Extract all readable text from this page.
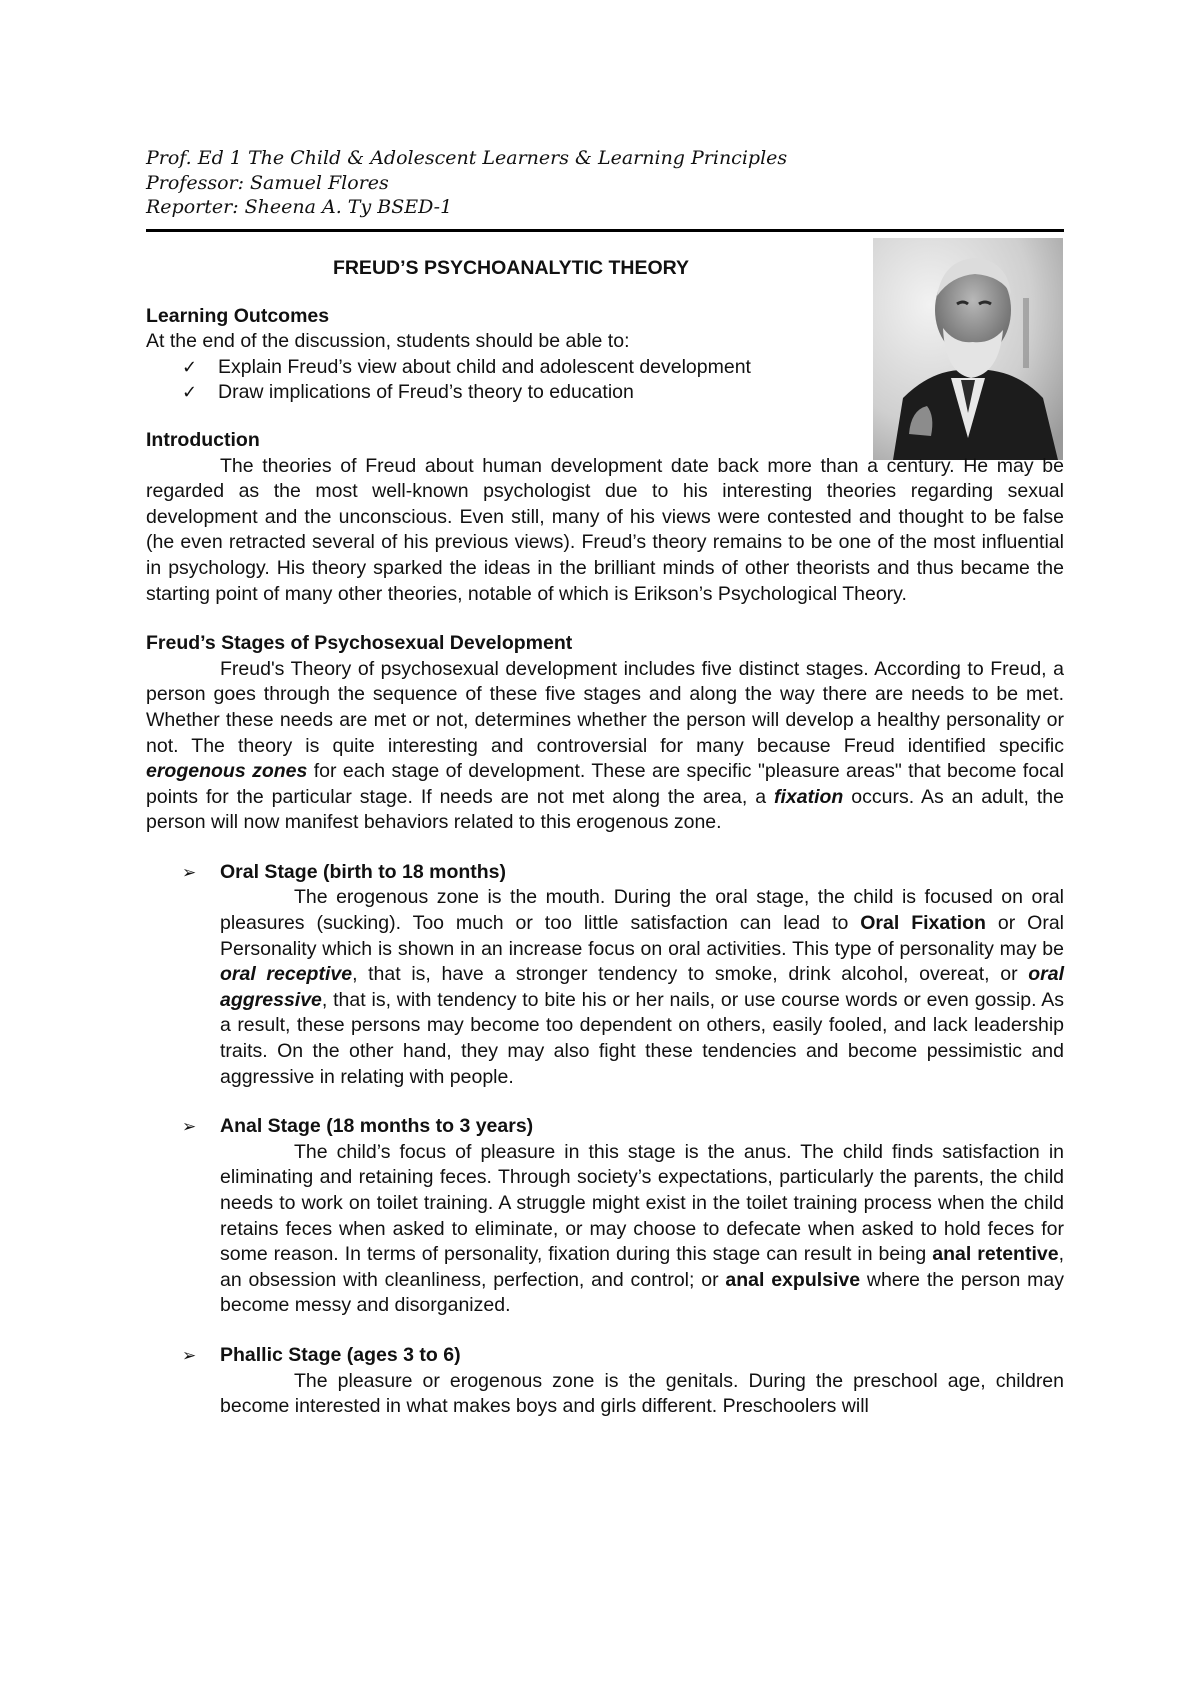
Prof. Ed 1 The Child & Adolescent Learners & Learning Principles
Professor: Samuel Flores
Reporter: Sheena A. Ty BSED-1
FREUD’S PSYCHOANALYTIC THEORY
Learning Outcomes

At the end of the discussion, students should be able to:

✓	Explain Freud’s view about child and adolescent development
✓	Draw implications of Freud’s theory to education
Introduction

The theories of Freud about human development date back more than a century. He may be regarded as the most well-known psychologist due to his interesting theories regarding sexual development and the unconscious. Even still, many of his views were contested and thought to be false (he even retracted several of his previous views). Freud’s theory remains to be one of the most influential in psychology. His theory sparked the ideas in the brilliant minds of other theorists and thus became the starting point of many other theories, notable of which is Erikson’s Psychological Theory.

Freud’s Stages of Psychosexual Development

Freud's Theory of psychosexual development includes five distinct stages. According to Freud, a person goes through the sequence of these five stages and along the way there are needs to be met. Whether these needs are met or not, determines whether the person will develop a healthy personality or not. The theory is quite interesting and controversial for many because Freud identified specific erogenous zones for each stage of development. These are specific "pleasure areas" that become focal points for the particular stage. If needs are not met along the area, a fixation occurs. As an adult, the person will now manifest behaviors related to this erogenous zone.

➢	Oral Stage (birth to 18 months)

The erogenous zone is the mouth. During the oral stage, the child is focused on oral pleasures (sucking). Too much or too little satisfaction can lead to Oral Fixation or Oral Personality which is shown in an increase focus on oral activities. This type of personality may be oral receptive, that is, have a stronger tendency to smoke, drink alcohol, overeat, or oral aggressive, that is, with tendency to bite his or her nails, or use course words or even gossip. As a result, these persons may become too dependent on others, easily fooled, and lack leadership traits. On the other hand, they may also fight these tendencies and become pessimistic and aggressive in relating with people.

➢	Anal Stage (18 months to 3 years)

The child’s focus of pleasure in this stage is the anus. The child finds satisfaction in eliminating and retaining feces. Through society’s expectations, particularly the parents, the child needs to work on toilet training. A struggle might exist in the toilet training process when the child retains feces when asked to eliminate, or may choose to defecate when asked to hold feces for some reason. In terms of personality, fixation during this stage can result in being anal retentive, an obsession with cleanliness, perfection, and control; or anal expulsive where the person may become messy and disorganized.

➢	Phallic Stage (ages 3 to 6)

The pleasure or erogenous zone is the genitals. During the preschool age, children become interested in what makes boys and girls different. Preschoolers will
